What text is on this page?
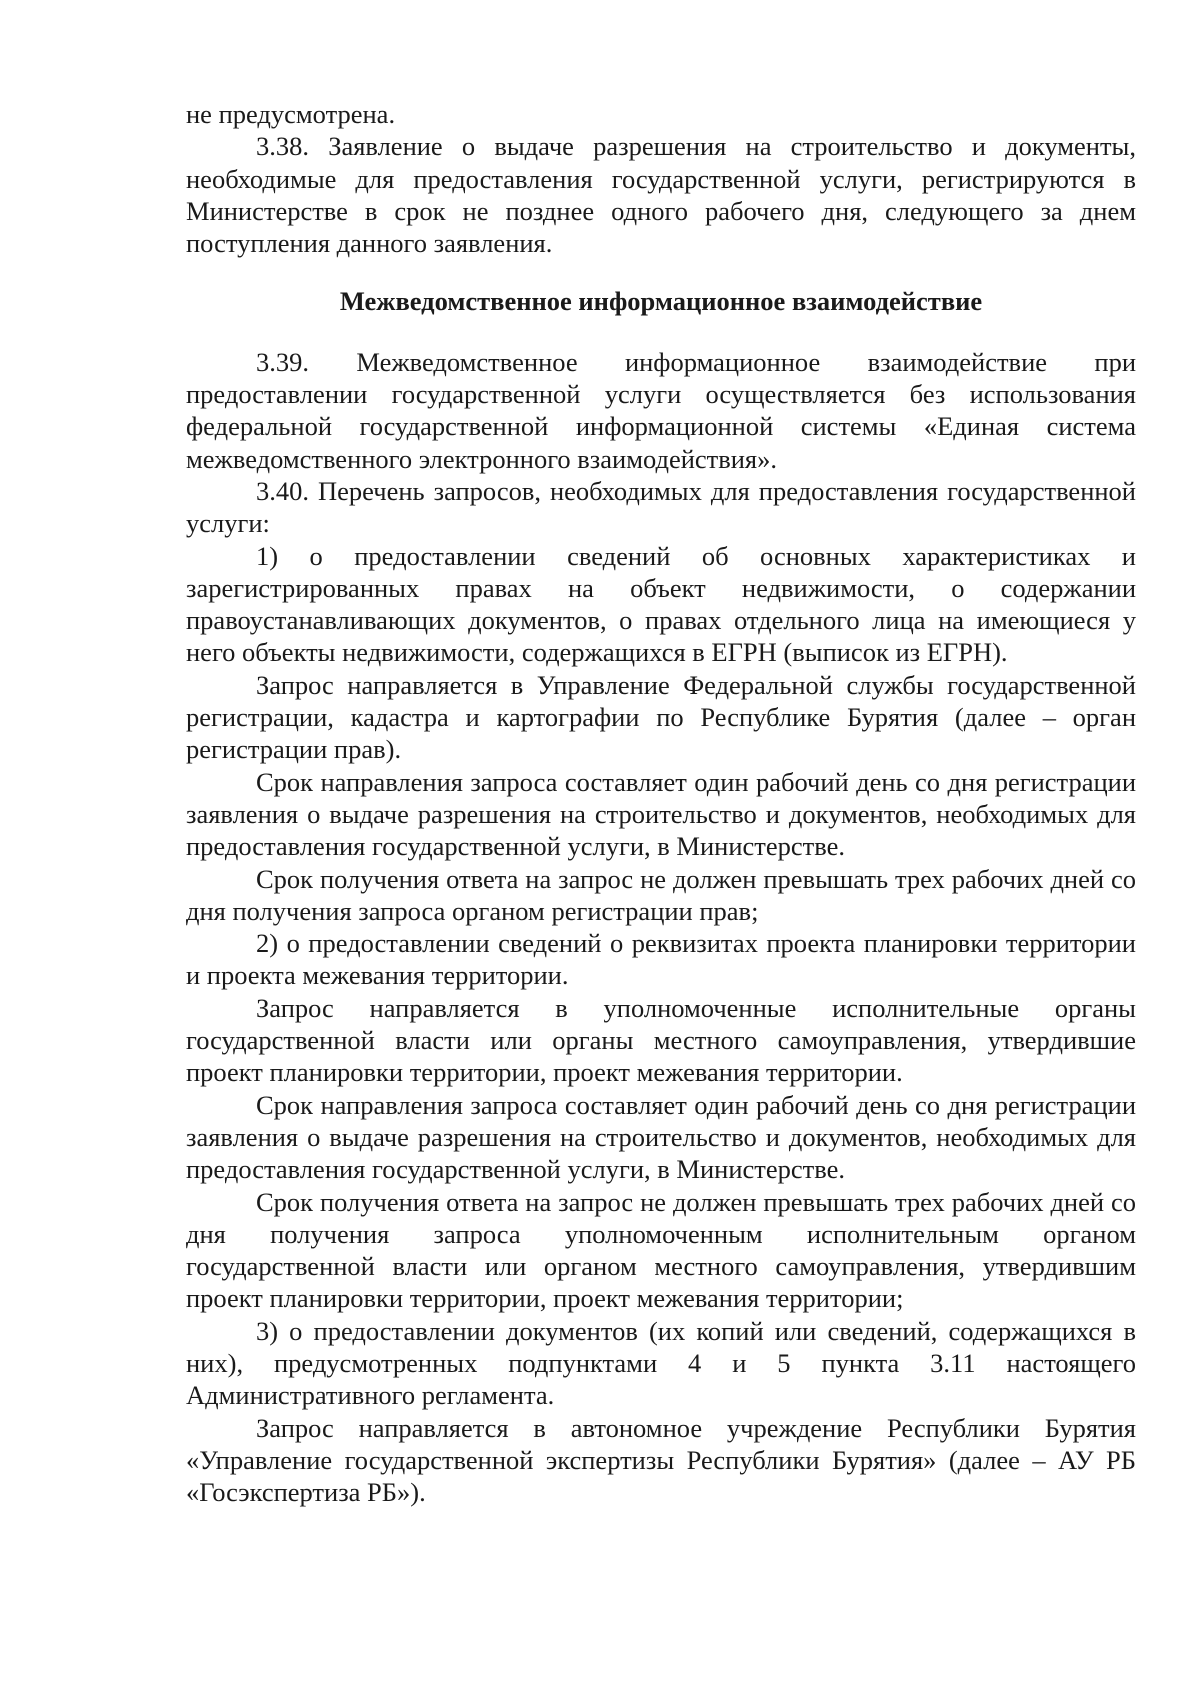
не предусмотрена.

3.38. Заявление о выдаче разрешения на строительство и документы, необходимые для предоставления государственной услуги, регистрируются в Министерстве в срок не позднее одного рабочего дня, следующего за днем поступления данного заявления.

Межведомственное информационное взаимодействие

3.39. Межведомственное информационное взаимодействие при предоставлении государственной услуги осуществляется без использования федеральной государственной информационной системы «Единая система межведомственного электронного взаимодействия».

3.40. Перечень запросов, необходимых для предоставления государственной услуги:

1) о предоставлении сведений об основных характеристиках и зарегистрированных правах на объект недвижимости, о содержании правоустанавливающих документов, о правах отдельного лица на имеющиеся у него объекты недвижимости, содержащихся в ЕГРН (выписок из ЕГРН).

Запрос направляется в Управление Федеральной службы государственной регистрации, кадастра и картографии по Республике Бурятия (далее – орган регистрации прав).

Срок направления запроса составляет один рабочий день со дня регистрации заявления о выдаче разрешения на строительство и документов, необходимых для предоставления государственной услуги, в Министерстве.

Срок получения ответа на запрос не должен превышать трех рабочих дней со дня получения запроса органом регистрации прав;

2) о предоставлении сведений о реквизитах проекта планировки территории и проекта межевания территории.

Запрос направляется в уполномоченные исполнительные органы государственной власти или органы местного самоуправления, утвердившие проект планировки территории, проект межевания территории.

Срок направления запроса составляет один рабочий день со дня регистрации заявления о выдаче разрешения на строительство и документов, необходимых для предоставления государственной услуги, в Министерстве.

Срок получения ответа на запрос не должен превышать трех рабочих дней со дня получения запроса уполномоченным исполнительным органом государственной власти или органом местного самоуправления, утвердившим проект планировки территории, проект межевания территории;

3) о предоставлении документов (их копий или сведений, содержащихся в них), предусмотренных подпунктами 4 и 5 пункта 3.11 настоящего Административного регламента.

Запрос направляется в автономное учреждение Республики Бурятия «Управление государственной экспертизы Республики Бурятия» (далее – АУ РБ «Госэкспертиза РБ»).
